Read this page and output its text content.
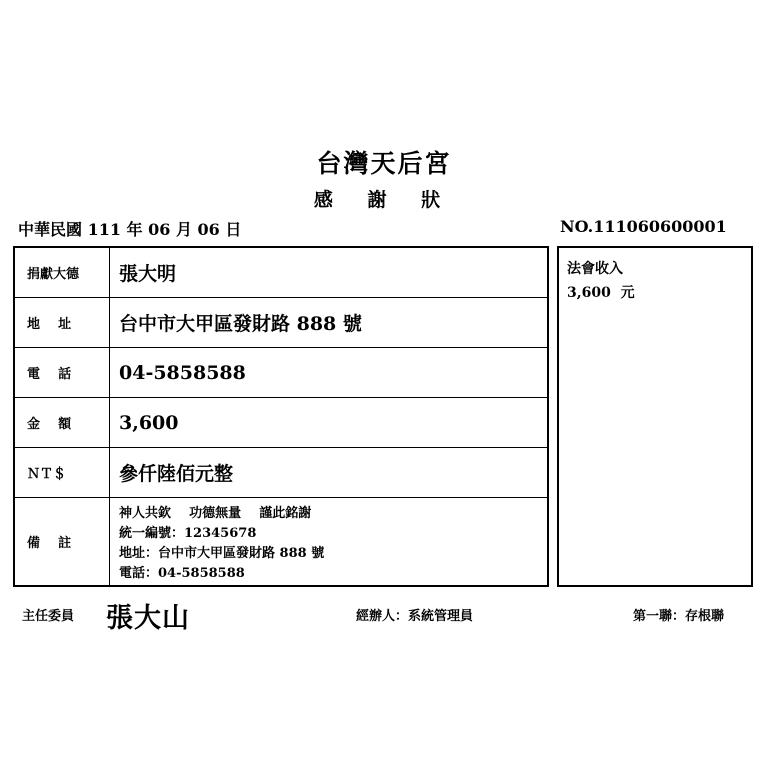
台灣天后宮
感 謝 狀
中華民國 111 年 06 月 06 日	NO.111060600001
捐獻大德	張大明
地    址	台中市大甲區發財路 888 號
電    話	04-5858588
金    額	3,600
ＮＴ＄	參仟陸佰元整
備    註
神人共欽    功德無量    謹此銘謝
統一編號：12345678
地址：台中市大甲區發財路 888 號
電話：04-5858588
法會收入
3,600  元
主任委員 張大山	經辦人：系統管理員	第一聯：存根聯
